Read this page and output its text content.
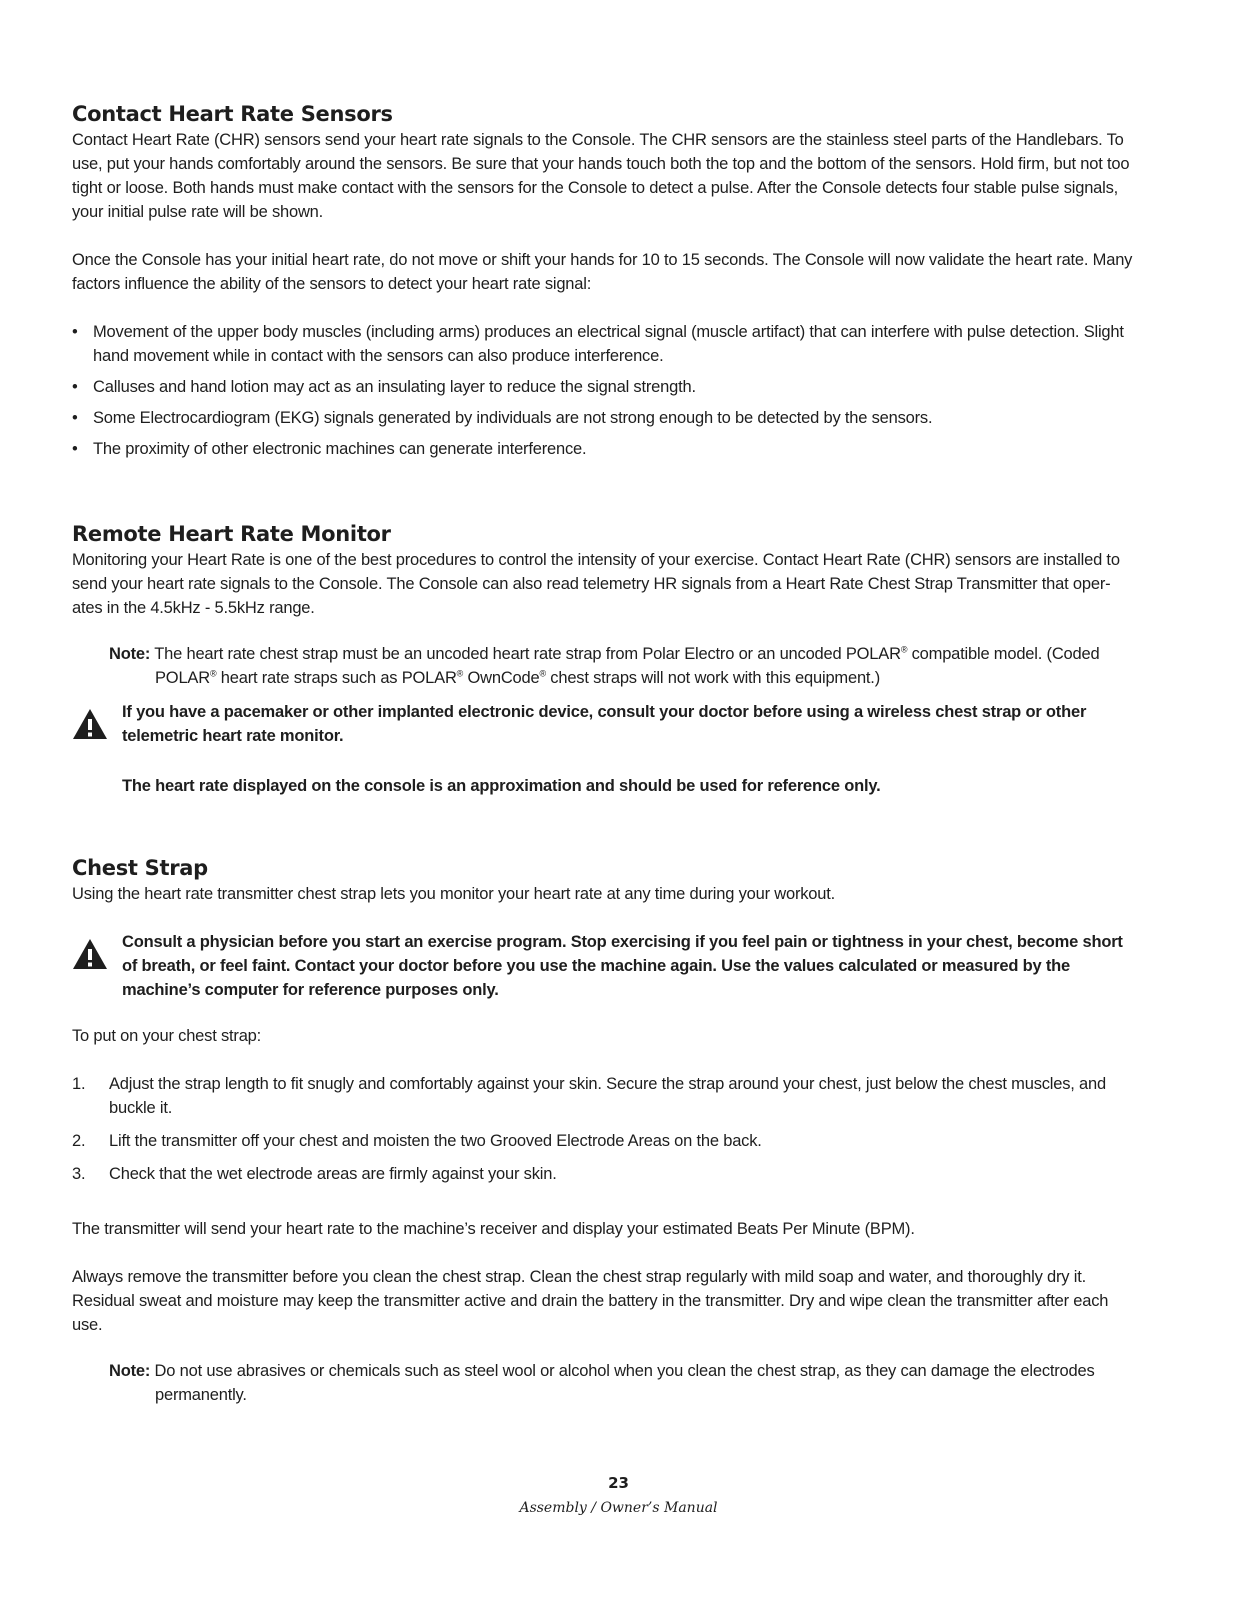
Contact Heart Rate Sensors

Contact Heart Rate (CHR) sensors send your heart rate signals to the Console. The CHR sensors are the stainless steel parts of the Handlebars. To use, put your hands comfortably around the sensors. Be sure that your hands touch both the top and the bottom of the sensors. Hold firm, but not too tight or loose. Both hands must make contact with the sensors for the Console to detect a pulse. After the Console detects four stable pulse signals, your initial pulse rate will be shown.

Once the Console has your initial heart rate, do not move or shift your hands for 10 to 15 seconds. The Console will now validate the heart rate. Many factors influence the ability of the sensors to detect your heart rate signal:

• Movement of the upper body muscles (including arms) produces an electrical signal (muscle artifact) that can interfere with pulse detection. Slight hand movement while in contact with the sensors can also produce interference.
• Calluses and hand lotion may act as an insulating layer to reduce the signal strength.
• Some Electrocardiogram (EKG) signals generated by individuals are not strong enough to be detected by the sensors.
• The proximity of other electronic machines can generate interference.
Remote Heart Rate Monitor

Monitoring your Heart Rate is one of the best procedures to control the intensity of your exercise. Contact Heart Rate (CHR) sensors are installed to send your heart rate signals to the Console. The Console can also read telemetry HR signals from a Heart Rate Chest Strap Transmitter that oper-ates in the 4.5kHz - 5.5kHz range.

Note: The heart rate chest strap must be an uncoded heart rate strap from Polar Electro or an uncoded POLAR® compatible model. (Coded POLAR® heart rate straps such as POLAR® OwnCode® chest straps will not work with this equipment.)
If you have a pacemaker or other implanted electronic device, consult your doctor before using a wireless chest strap or other telemetric heart rate monitor.
The heart rate displayed on the console is an approximation and should be used for reference only.
Chest Strap

Using the heart rate transmitter chest strap lets you monitor your heart rate at any time during your workout.

Consult a physician before you start an exercise program. Stop exercising if you feel pain or tightness in your chest, become short of breath, or feel faint. Contact your doctor before you use the machine again. Use the values calculated or measured by the machine’s computer for reference purposes only.

To put on your chest strap:

1. Adjust the strap length to fit snugly and comfortably against your skin. Secure the strap around your chest, just below the chest muscles, and buckle it.
2. Lift the transmitter off your chest and moisten the two Grooved Electrode Areas on the back.
3. Check that the wet electrode areas are firmly against your skin.

The transmitter will send your heart rate to the machine’s receiver and display your estimated Beats Per Minute (BPM).

Always remove the transmitter before you clean the chest strap. Clean the chest strap regularly with mild soap and water, and thoroughly dry it. Residual sweat and moisture may keep the transmitter active and drain the battery in the transmitter. Dry and wipe clean the transmitter after each use.

Note: Do not use abrasives or chemicals such as steel wool or alcohol when you clean the chest strap, as they can damage the electrodes permanently.
23
Assembly / Owner’s Manual
